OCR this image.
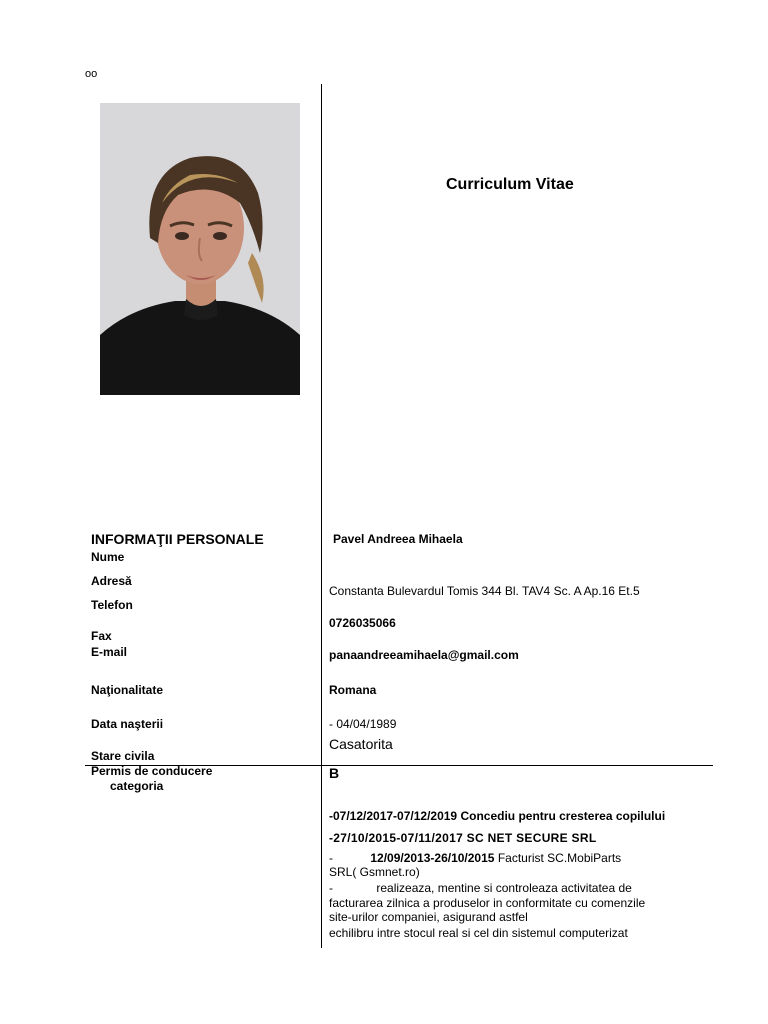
oo
Curriculum Vitae
INFORMAŢII PERSONALE
Nume
Adresă
Telefon
Fax
E-mail
Naţionalitate
Data naşterii
Stare civila
Permis de conducere
categoria
Pavel Andreea Mihaela
Constanta Bulevardul Tomis 344 Bl. TAV4 Sc. A Ap.16 Et.5
0726035066
panaandreeamihaela@gmail.com
Romana
- 04/04/1989
Casatorita
B
-07/12/2017-07/12/2019 Concediu pentru cresterea copilului
-27/10/2015-07/11/2017 SC NET SECURE SRL
-	12/09/2013-26/10/2015 Facturist SC.MobiParts
SRL( Gsmnet.ro)
-	realizeaza, mentine si controleaza activitatea de
facturarea zilnica a produselor in conformitate cu comenzile
site-urilor companiei, asigurand astfel
echilibru intre stocul real si cel din sistemul computerizat
